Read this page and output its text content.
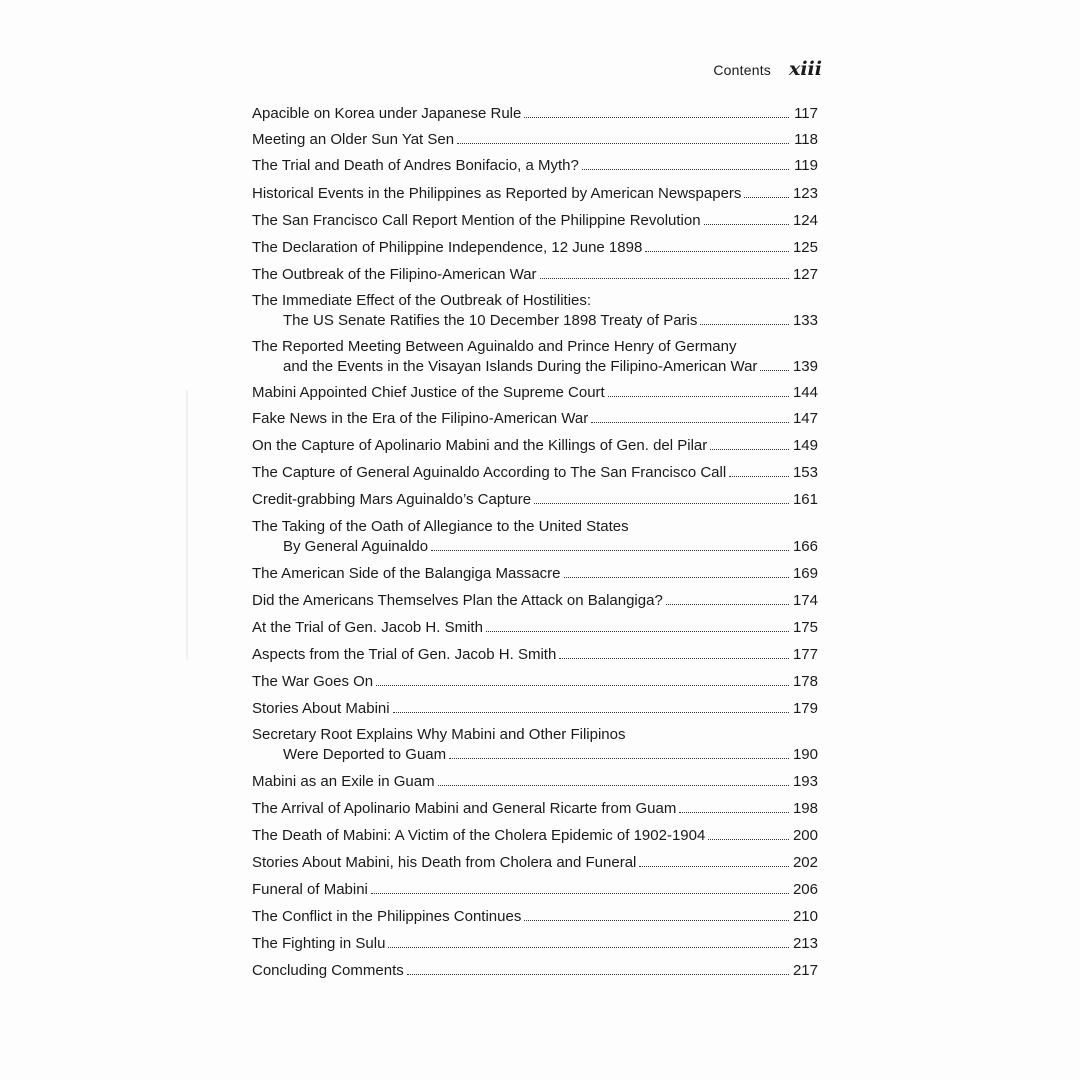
Contents xiii
Apacible on Korea under Japanese Rule	117
Meeting an Older Sun Yat Sen	118
The Trial and Death of Andres Bonifacio, a Myth?	119
Historical Events in the Philippines as Reported by American Newspapers	123
The San Francisco Call Report Mention of the Philippine Revolution	124
The Declaration of Philippine Independence, 12 June 1898	125
The Outbreak of the Filipino-American War	127
The Immediate Effect of the Outbreak of Hostilities:
The US Senate Ratifies the 10 December 1898 Treaty of Paris	133
The Reported Meeting Between Aguinaldo and Prince Henry of Germany
and the Events in the Visayan Islands During the Filipino-American War 139
Mabini Appointed Chief Justice of the Supreme Court	144
Fake News in the Era of the Filipino-American War	147
On the Capture of Apolinario Mabini and the Killings of Gen. del Pilar	149
The Capture of General Aguinaldo According to The San Francisco Call	153
Credit-grabbing Mars Aguinaldo’s Capture	161
The Taking of the Oath of Allegiance to the United States
By General Aguinaldo	166
The American Side of the Balangiga Massacre	169
Did the Americans Themselves Plan the Attack on Balangiga?	174
At the Trial of Gen. Jacob H. Smith	175
Aspects from the Trial of Gen. Jacob H. Smith	177
The War Goes On	178
Stories About Mabini	179
Secretary Root Explains Why Mabini and Other Filipinos
Were Deported to Guam	190
Mabini as an Exile in Guam	193
The Arrival of Apolinario Mabini and General Ricarte from Guam	198
The Death of Mabini: A Victim of the Cholera Epidemic of 1902-1904	200
Stories About Mabini, his Death from Cholera and Funeral	202
Funeral of Mabini	206
The Conflict in the Philippines Continues	210
The Fighting in Sulu	213
Concluding Comments	217
